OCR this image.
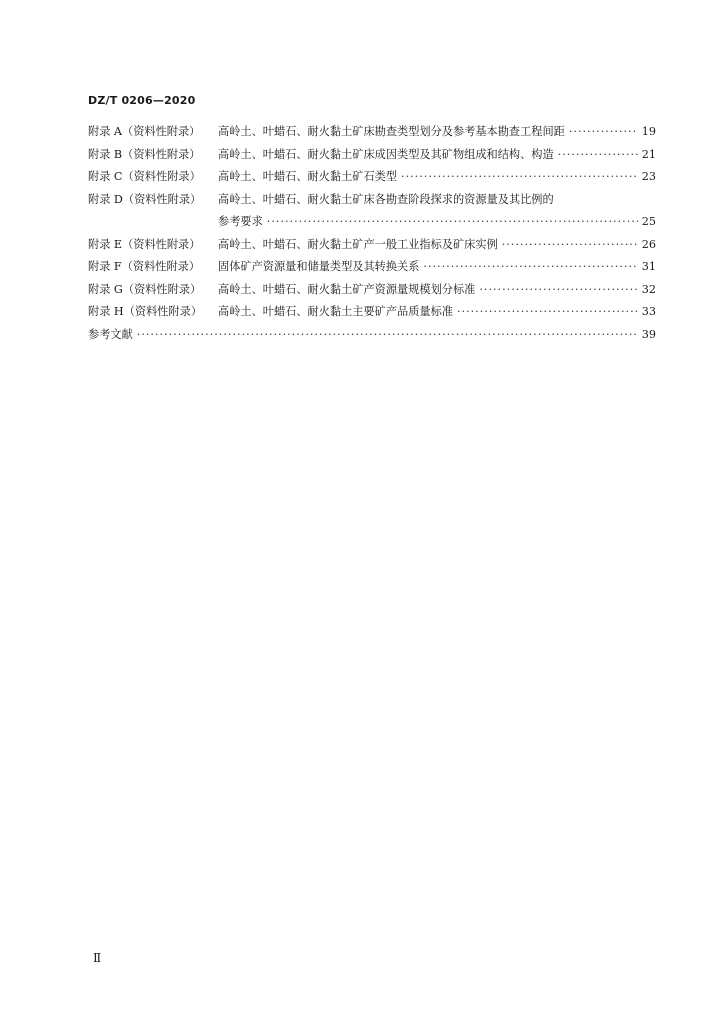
DZ/T 0206—2020
附录 A（资料性附录）	高岭土、叶蜡石、耐火黏土矿床勘查类型划分及参考基本勘查工程间距 ·····	19
附录 B（资料性附录）	高岭土、叶蜡石、耐火黏土矿床成因类型及其矿物组成和结构、构造 ·····	21
附录 C（资料性附录）	高岭土、叶蜡石、耐火黏土矿石类型 ·····	23
附录 D（资料性附录）	高岭土、叶蜡石、耐火黏土矿床各勘查阶段探求的资源量及其比例的
参考要求 ·····	25
附录 E（资料性附录）	高岭土、叶蜡石、耐火黏土矿产一般工业指标及矿床实例 ·····	26
附录 F（资料性附录）	固体矿产资源量和储量类型及其转换关系 ·····	31
附录 G（资料性附录）	高岭土、叶蜡石、耐火黏土矿产资源量规模划分标准 ·····	32
附录 H（资料性附录）	高岭土、叶蜡石、耐火黏土主要矿产品质量标准 ·····	33
参考文献 ·····	39
Ⅱ
